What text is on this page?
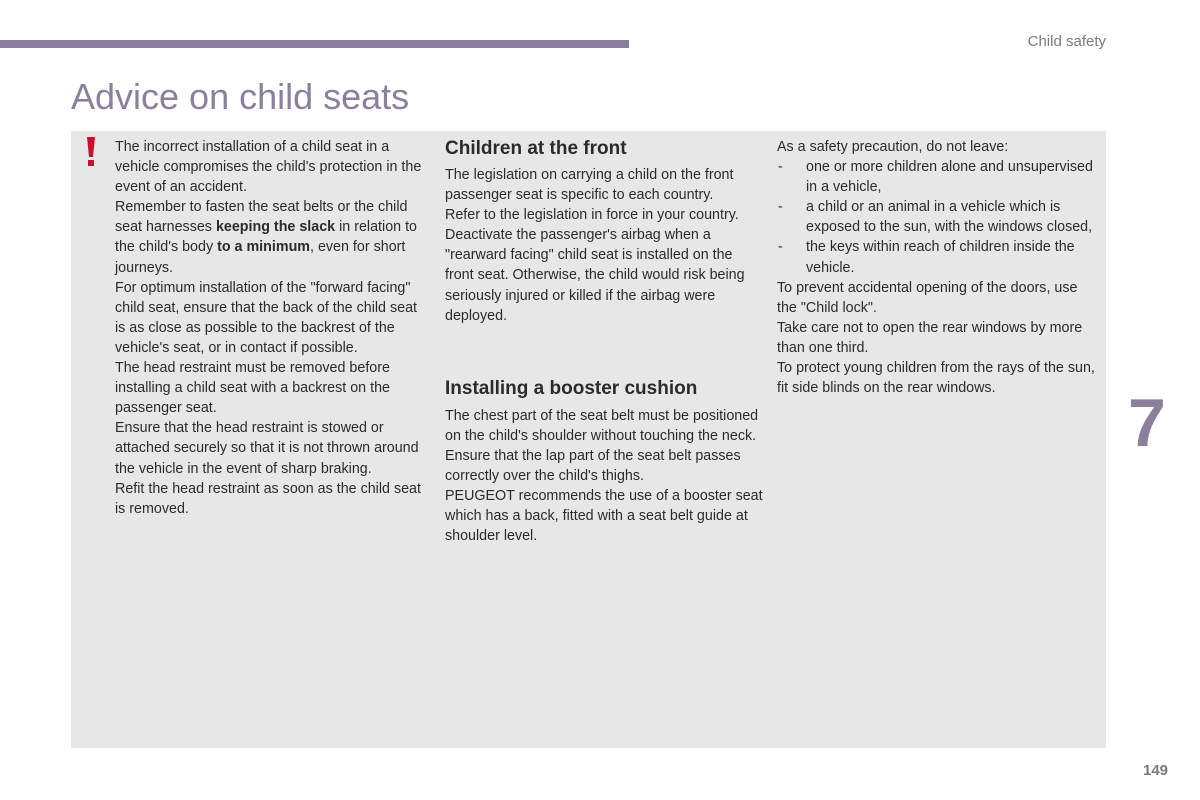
Child safety
Advice on child seats

The incorrect installation of a child seat in a vehicle compromises the child's protection in the event of an accident.

Remember to fasten the seat belts or the child seat harnesses keeping the slack in relation to the child's body to a minimum, even for short journeys.

For optimum installation of the "forward facing" child seat, ensure that the back of the child seat is as close as possible to the backrest of the vehicle's seat, or in contact if possible.

The head restraint must be removed before installing a child seat with a backrest on the passenger seat.

Ensure that the head restraint is stowed or attached securely so that it is not thrown around the vehicle in the event of sharp braking.

Refit the head restraint as soon as the child seat is removed.

Children at the front

The legislation on carrying a child on the front passenger seat is specific to each country.

Refer to the legislation in force in your country.

Deactivate the passenger's airbag when a "rearward facing" child seat is installed on the front seat. Otherwise, the child would risk being seriously injured or killed if the airbag were deployed.

Installing a booster cushion

The chest part of the seat belt must be positioned on the child's shoulder without touching the neck.

Ensure that the lap part of the seat belt passes correctly over the child's thighs.

PEUGEOT recommends the use of a booster seat which has a back, fitted with a seat belt guide at shoulder level.

As a safety precaution, do not leave:

- one or more children alone and unsupervised in a vehicle,
- a child or an animal in a vehicle which is exposed to the sun, with the windows closed,
- the keys within reach of children inside the vehicle.

To prevent accidental opening of the doors, use the "Child lock".

Take care not to open the rear windows by more than one third.

To protect young children from the rays of the sun, fit side blinds on the rear windows.	7
149
